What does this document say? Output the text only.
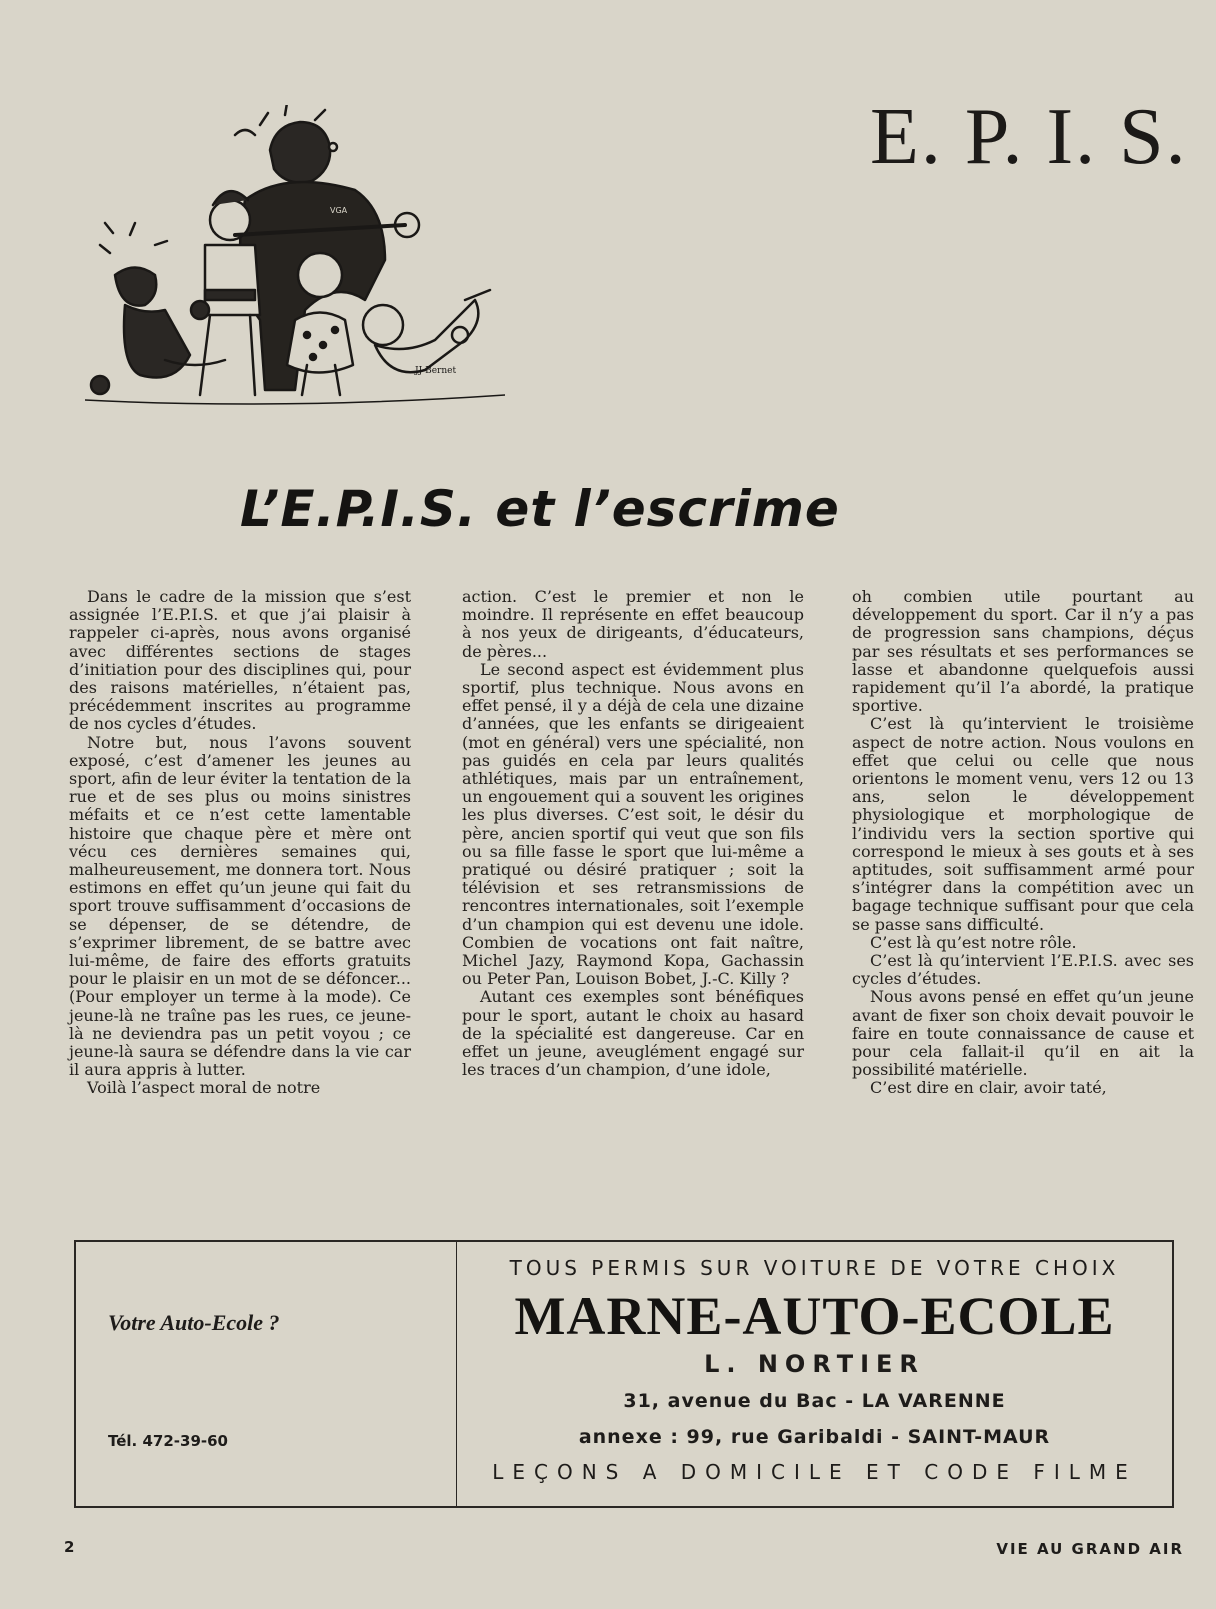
E. P. I. S.
JJ Bernet
VGA
L’E.P.I.S. et l’escrime

Dans le cadre de la mission que s’est assignée l’E.P.I.S. et que j’ai plaisir à rappeler ci-après, nous avons organisé avec différentes sections de stages d’initiation pour des disciplines qui, pour des raisons matérielles, n’étaient pas, précédemment inscrites au programme de nos cycles d’études.

Notre but, nous l’avons souvent exposé, c’est d’amener les jeunes au sport, afin de leur éviter la tentation de la rue et de ses plus ou moins sinistres méfaits et ce n’est cette lamentable histoire que chaque père et mère ont vécu ces dernières semaines qui, malheureusement, me donnera tort. Nous estimons en effet qu’un jeune qui fait du sport trouve suffisamment d’occasions de se dépenser, de se détendre, de s’exprimer librement, de se battre avec lui-même, de faire des efforts gratuits pour le plaisir en un mot de se défoncer... (Pour employer un terme à la mode). Ce jeune-là ne traîne pas les rues, ce jeune-là ne deviendra pas un petit voyou ; ce jeune-là saura se défendre dans la vie car il aura appris à lutter.

Voilà l’aspect moral de notre

action. C’est le premier et non le moindre. Il représente en effet beaucoup à nos yeux de dirigeants, d’éducateurs, de pères...

Le second aspect est évidemment plus sportif, plus technique. Nous avons en effet pensé, il y a déjà de cela une dizaine d’années, que les enfants se dirigeaient (mot en général) vers une spécialité, non pas guidés en cela par leurs qualités athlétiques, mais par un entraînement, un engouement qui a souvent les origines les plus diverses. C’est soit, le désir du père, ancien sportif qui veut que son fils ou sa fille fasse le sport que lui-même a pratiqué ou désiré pratiquer ; soit la télévision et ses retransmissions de rencontres internationales, soit l’exemple d’un champion qui est devenu une idole. Combien de vocations ont fait naître, Michel Jazy, Raymond Kopa, Gachassin ou Peter Pan, Louison Bobet, J.-C. Killy ?

Autant ces exemples sont bénéfiques pour le sport, autant le choix au hasard de la spécialité est dangereuse. Car en effet un jeune, aveuglément engagé sur les traces d’un champion, d’une idole,

oh combien utile pourtant au développement du sport. Car il n’y a pas de progression sans champions, déçus par ses résultats et ses performances se lasse et abandonne quelquefois aussi rapidement qu’il l’a abordé, la pratique sportive.

C’est là qu’intervient le troisième aspect de notre action. Nous voulons en effet que celui ou celle que nous orientons le moment venu, vers 12 ou 13 ans, selon le développement physiologique et morphologique de l’individu vers la section sportive qui correspond le mieux à ses gouts et à ses aptitudes, soit suffisamment armé pour s’intégrer dans la compétition avec un bagage technique suffisant pour que cela se passe sans difficulté.

C’est là qu’est notre rôle.

C’est là qu’intervient l’E.P.I.S. avec ses cycles d’études.

Nous avons pensé en effet qu’un jeune avant de fixer son choix devait pouvoir le faire en toute connaissance de cause et pour cela fallait-il qu’il en ait la possibilité matérielle.

C’est dire en clair, avoir taté,

Votre Auto-Ecole ?
Tél. 472-39-60
TOUS PERMIS SUR VOITURE DE VOTRE CHOIX
MARNE-AUTO-ECOLE
L. NORTIER
31, avenue du Bac - LA VARENNE
annexe : 99, rue Garibaldi - SAINT-MAUR
LEÇONS A DOMICILE ET CODE FILME
2	VIE AU GRAND AIR
